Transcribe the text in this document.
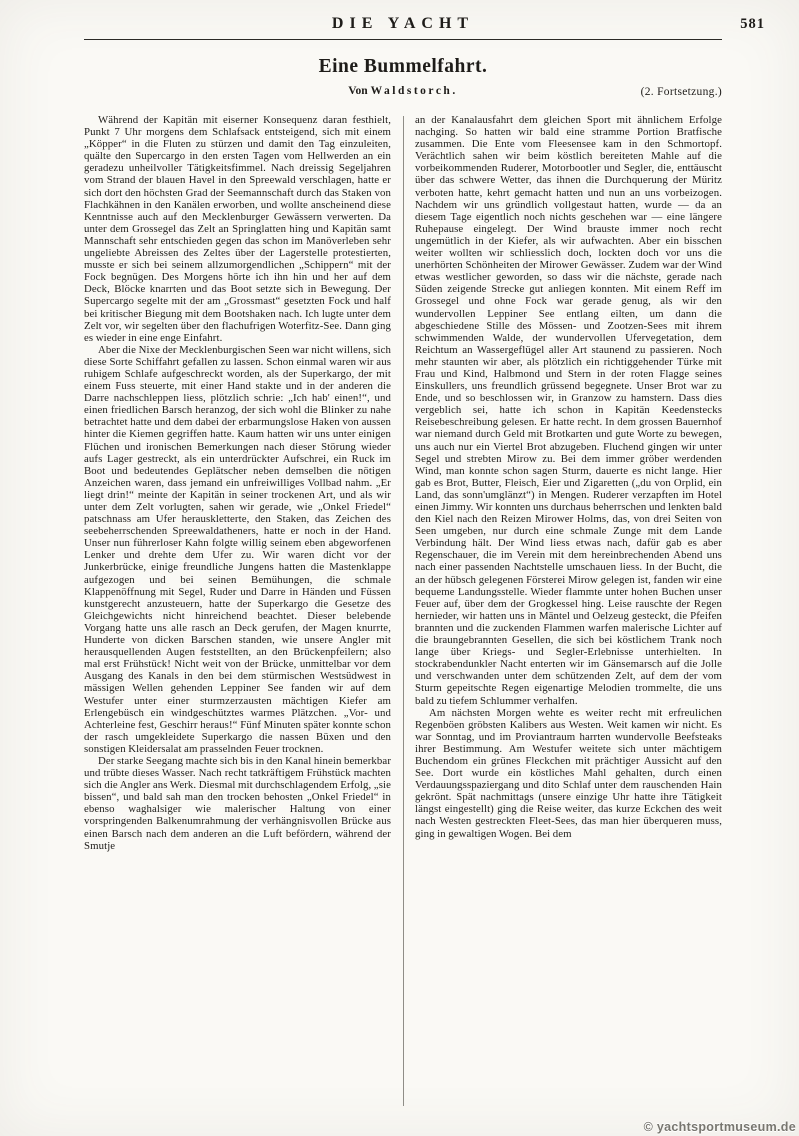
581
DIE YACHT
Eine Bummelfahrt.
Von Waldstorch.	(2. Fortsetzung.)

Während der Kapitän mit eiserner Konsequenz daran festhielt, Punkt 7 Uhr morgens dem Schlafsack entsteigend, sich mit einem „Köpper“ in die Fluten zu stürzen und damit den Tag einzuleiten, quälte den Supercargo in den ersten Tagen vom Hellwerden an ein geradezu unheilvoller Tätigkeitsfimmel. Nach dreissig Segeljahren vom Strand der blauen Havel in den Spreewald verschlagen, hatte er sich dort den höchsten Grad der Seemannschaft durch das Staken von Flachkähnen in den Kanälen erworben, und wollte anscheinend diese Kenntnisse auch auf den Mecklenburger Gewässern verwerten. Da unter dem Grossegel das Zelt an Springlatten hing und Kapitän samt Mannschaft sehr entschieden gegen das schon im Manöverleben sehr ungeliebte Abreissen des Zeltes über der Lagerstelle protestierten, musste er sich bei seinem allzumorgendlichen „Schippern“ mit der Fock begnügen. Des Morgens hörte ich ihn hin und her auf dem Deck, Blöcke knarrten und das Boot setzte sich in Bewegung. Der Supercargo segelte mit der am „Grossmast“ gesetzten Fock und half bei kritischer Biegung mit dem Bootshaken nach. Ich lugte unter dem Zelt vor, wir segelten über den flachufrigen Woterfitz-See. Dann ging es wieder in eine enge Einfahrt.

Aber die Nixe der Mecklenburgischen Seen war nicht willens, sich diese Sorte Schiffahrt gefallen zu lassen. Schon einmal waren wir aus ruhigem Schlafe aufgeschreckt worden, als der Superkargo, der mit einem Fuss steuerte, mit einer Hand stakte und in der anderen die Darre nachschleppen liess, plötzlich schrie: „Ich hab' einen!“, und einen friedlichen Barsch heranzog, der sich wohl die Blinker zu nahe betrachtet hatte und dem dabei der erbarmungslose Haken von aussen hinter die Kiemen gegriffen hatte. Kaum hatten wir uns unter einigen Flüchen und ironischen Bemerkungen nach dieser Störung wieder aufs Lager gestreckt, als ein unterdrückter Aufschrei, ein Ruck im Boot und bedeutendes Geplätscher neben demselben die nötigen Anzeichen waren, dass jemand ein unfreiwilliges Vollbad nahm. „Er liegt drin!“ meinte der Kapitän in seiner trockenen Art, und als wir unter dem Zelt vorlugten, sahen wir gerade, wie „Onkel Friedel“ patschnass am Ufer herauskletterte, den Staken, das Zeichen des seebeherrschenden Spreewaldatheners, hatte er noch in der Hand. Unser nun führerloser Kahn folgte willig seinem eben abgeworfenen Lenker und drehte dem Ufer zu. Wir waren dicht vor der Junkerbrücke, einige freundliche Jungens hatten die Mastenklappe aufgezogen und bei seinen Bemühungen, die schmale Klappenöffnung mit Segel, Ruder und Darre in Händen und Füssen kunstgerecht anzusteuern, hatte der Superkargo die Gesetze des Gleichgewichts nicht hinreichend beachtet. Dieser belebende Vorgang hatte uns alle rasch an Deck gerufen, der Magen knurrte, Hunderte von dicken Barschen standen, wie unsere Angler mit herausquellenden Augen feststellten, an den Brückenpfeilern; also mal erst Frühstück! Nicht weit von der Brücke, unmittelbar vor dem Ausgang des Kanals in den bei dem stürmischen Westsüdwest in mässigen Wellen gehenden Leppiner See fanden wir auf dem Westufer unter einer sturmzerzausten mächtigen Kiefer am Erlengebüsch ein windgeschütztes warmes Plätzchen. „Vor- und Achterleine fest, Geschirr heraus!“ Fünf Minuten später konnte schon der rasch umgekleidete Superkargo die nassen Büxen und den sonstigen Kleidersalat am prasselnden Feuer trocknen.

Der starke Seegang machte sich bis in den Kanal hinein bemerkbar und trübte dieses Wasser. Nach recht tatkräftigem Frühstück machten sich die Angler ans Werk. Diesmal mit durchschlagendem Erfolg, „sie bissen“, und bald sah man den trocken behosten „Onkel Friedel“ in ebenso waghalsiger wie malerischer Haltung von einer vorspringenden Balkenumrahmung der verhängnisvollen Brücke aus einen Barsch nach dem anderen an die Luft befördern, während der Smutje

an der Kanalausfahrt dem gleichen Sport mit ähnlichem Erfolge nachging. So hatten wir bald eine stramme Portion Bratfische zusammen. Die Ente vom Fleesensee kam in den Schmortopf. Verächtlich sahen wir beim köstlich bereiteten Mahle auf die vorbeikommenden Ruderer, Motorbootler und Segler, die, enttäuscht über das schwere Wetter, das ihnen die Durchquerung der Müritz verboten hatte, kehrt gemacht hatten und nun an uns vorbeizogen. Nachdem wir uns gründlich vollgestaut hatten, wurde — da an diesem Tage eigentlich noch nichts geschehen war — eine längere Ruhepause eingelegt. Der Wind brauste immer noch recht ungemütlich in der Kiefer, als wir aufwachten. Aber ein bisschen weiter wollten wir schliesslich doch, lockten doch vor uns die unerhörten Schönheiten der Mirower Gewässer. Zudem war der Wind etwas westlicher geworden, so dass wir die nächste, gerade nach Süden zeigende Strecke gut anliegen konnten. Mit einem Reff im Grossegel und ohne Fock war gerade genug, als wir den wundervollen Leppiner See entlang eilten, um dann die abgeschiedene Stille des Mössen- und Zootzen-Sees mit ihrem schwimmenden Walde, der wundervollen Ufervegetation, dem Reichtum an Wassergeflügel aller Art staunend zu passieren. Noch mehr staunten wir aber, als plötzlich ein richtiggehender Türke mit Frau und Kind, Halbmond und Stern in der roten Flagge seines Einskullers, uns freundlich grüssend begegnete. Unser Brot war zu Ende, und so beschlossen wir, in Granzow zu hamstern. Dass dies vergeblich sei, hatte ich schon in Kapitän Keedenstecks Reisebeschreibung gelesen. Er hatte recht. In dem grossen Bauernhof war niemand durch Geld mit Brotkarten und gute Worte zu bewegen, uns auch nur ein Viertel Brot abzugeben. Fluchend gingen wir unter Segel und strebten Mirow zu. Bei dem immer gröber werdenden Wind, man konnte schon sagen Sturm, dauerte es nicht lange. Hier gab es Brot, Butter, Fleisch, Eier und Zigaretten („du von Orplid, ein Land, das sonn'umglänzt“) in Mengen. Ruderer verzapften im Hotel einen Jimmy. Wir konnten uns durchaus beherrschen und lenkten bald den Kiel nach den Reizen Mirower Holms, das, von drei Seiten von Seen umgeben, nur durch eine schmale Zunge mit dem Lande Verbindung hält. Der Wind liess etwas nach, dafür gab es aber Regenschauer, die im Verein mit dem hereinbrechenden Abend uns nach einer passenden Nachtstelle umschauen liess. In der Bucht, die an der hübsch gelegenen Försterei Mirow gelegen ist, fanden wir eine bequeme Landungsstelle. Wieder flammte unter hohen Buchen unser Feuer auf, über dem der Grogkessel hing. Leise rauschte der Regen hernieder, wir hatten uns in Mäntel und Oelzeug gesteckt, die Pfeifen brannten und die zuckenden Flammen warfen malerische Lichter auf die braungebrannten Gesellen, die sich bei köstlichem Trank noch lange über Kriegs- und Segler-Erlebnisse unterhielten. In stockrabendunkler Nacht enterten wir im Gänsemarsch auf die Jolle und verschwanden unter dem schützenden Zelt, auf dem der vom Sturm gepeitschte Regen eigenartige Melodien trommelte, die uns bald zu tiefem Schlummer verhalfen.

Am nächsten Morgen wehte es weiter recht mit erfreulichen Regenböen gröbsten Kalibers aus Westen. Weit kamen wir nicht. Es war Sonntag, und im Proviantraum harrten wundervolle Beefsteaks ihrer Bestimmung. Am Westufer weitete sich unter mächtigem Buchendom ein grünes Fleckchen mit prächtiger Aussicht auf den See. Dort wurde ein köstliches Mahl gehalten, durch einen Verdauungsspaziergang und dito Schlaf unter dem rauschenden Hain gekrönt. Spät nachmittags (unsere einzige Uhr hatte ihre Tätigkeit längst eingestellt) ging die Reise weiter, das kurze Eckchen des weit nach Westen gestreckten Fleet-Sees, das man hier überqueren muss, ging in gewaltigen Wogen. Bei dem

© yachtsportmuseum.de
